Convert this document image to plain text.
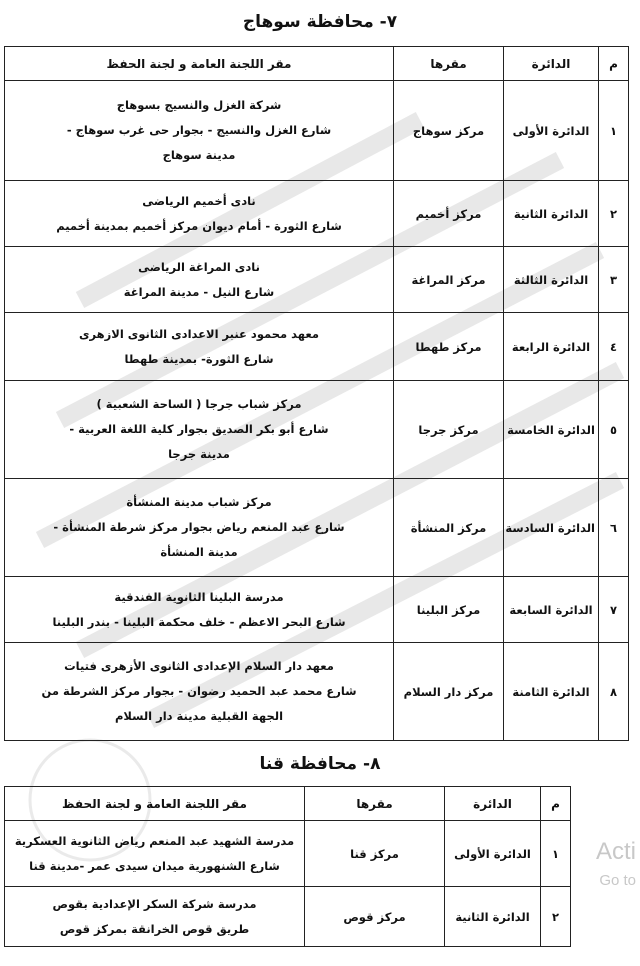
٧- محافظة سوهاج
م	الدائرة	مقرها	مقر اللجنة العامة و لجنة الحفظ
١	الدائرة الأولى	مركز سوهاج	شركة الغزل والنسيج بسوهاج
شارع الغزل والنسيج - بجوار حى غرب سوهاج -
مدينة سوهاج

٢	الدائرة الثانية	مركز أخميم	نادى أخميم الرياضى
شارع الثورة - أمام ديوان مركز أخميم بمدينة أخميم

٣	الدائرة الثالثة	مركز المراغة	نادى المراغة الرياضى
شارع النيل - مدينة المراغة

٤	الدائرة الرابعة	مركز طهطا	معهد محمود عنبر الاعدادى الثانوى الازهرى
شارع الثورة- بمدينة طهطا

٥	الدائرة الخامسة	مركز جرجا	مركز شباب جرجا ( الساحة الشعبية )
شارع أبو بكر الصديق بجوار كلية اللغة العربية -
مدينة جرجا

٦	الدائرة السادسة	مركز المنشأة	مركز شباب مدينة المنشأة
شارع عبد المنعم رياض بجوار مركز شرطة المنشأة -
مدينة المنشأة

٧	الدائرة السابعة	مركز البلينا	مدرسة البلينا الثانوية الفندقية
شارع البحر الاعظم - خلف محكمة البلينا - بندر البلينا

٨	الدائرة الثامنة	مركز دار السلام	معهد دار السلام الإعدادى الثانوى الأزهرى فتيات
شارع محمد عبد الحميد رضوان - بجوار مركز الشرطة من
الجهة القبلية مدينة دار السلام
٨- محافظة قنا
م	الدائرة	مقرها	مقر اللجنة العامة و لجنة الحفظ
١	الدائرة الأولى	مركز قنا	مدرسة الشهيد عبد المنعم رياض الثانوية العسكرية
شارع الشنهورية ميدان سيدى عمر -مدينة قنا

٢	الدائرة الثانية	مركز قوص	مدرسة شركة السكر الإعدادية بقوص
طريق قوص الخرانقة بمركز قوص
Acti
Go to
